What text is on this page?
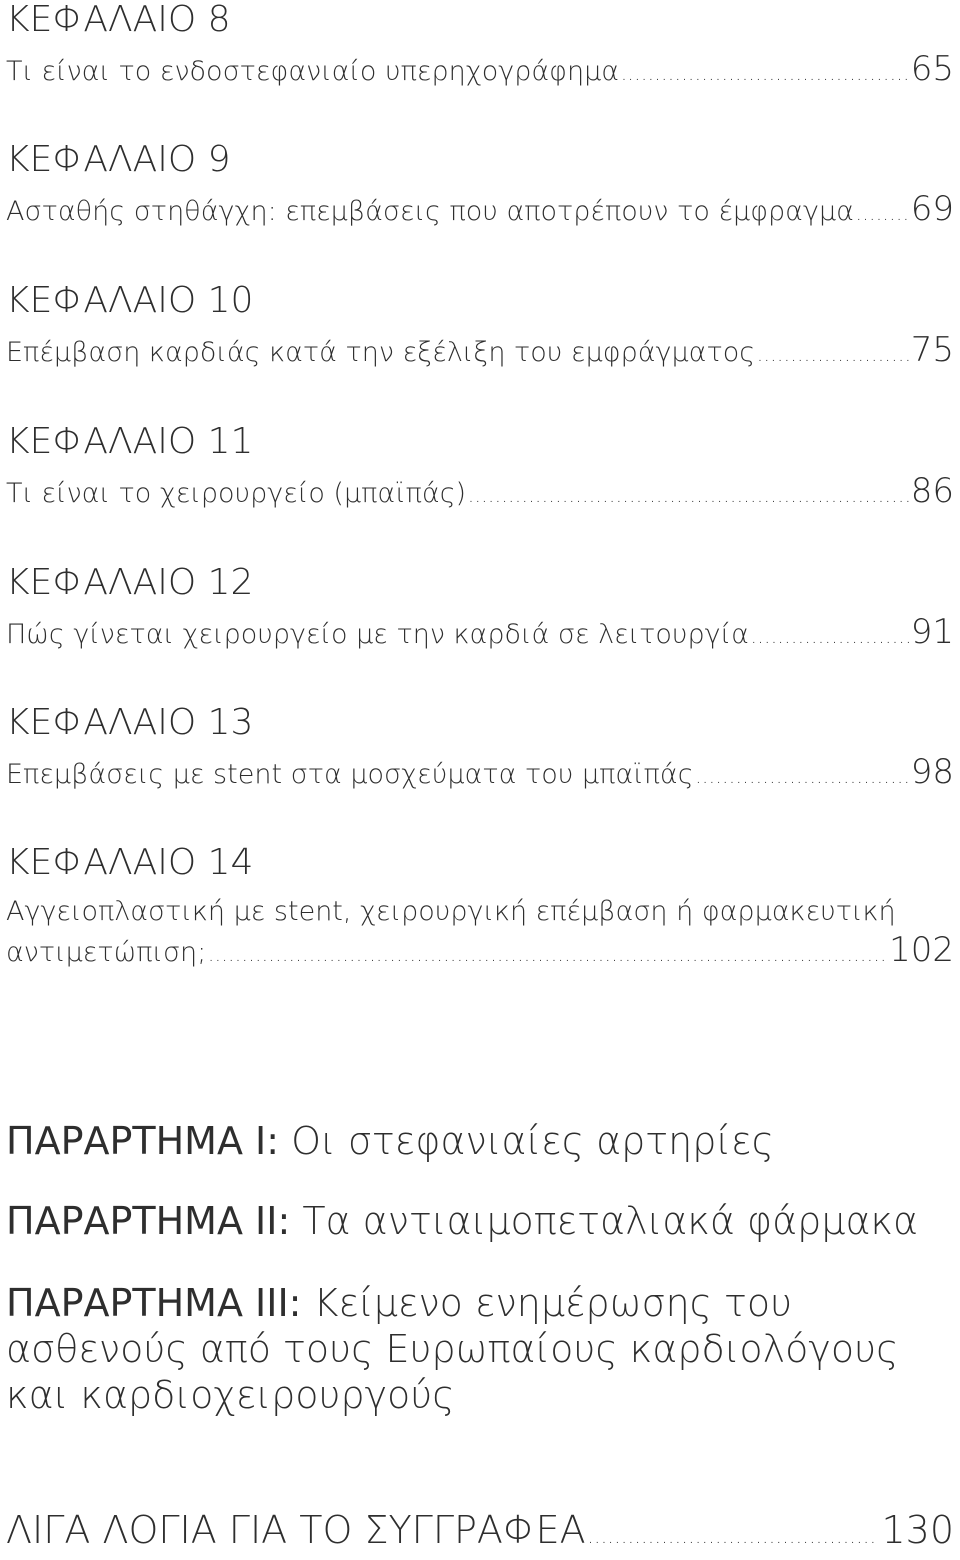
ΚΕΦΑΛΑΙΟ 8
Τι είναι το ενδοστεφανιαίο υπερηχογράφημα .....	65
ΚΕΦΑΛΑΙΟ 9
Ασταθής στηθάγχη: επεμβάσεις που αποτρέπουν το έμφραγμα ..... 69
ΚΕΦΑΛΑΙΟ 10
Επέμβαση καρδιάς κατά την εξέλιξη του εμφράγματος .....	75
ΚΕΦΑΛΑΙΟ 11
Τι είναι το χειρουργείο (μπαϊπάς) .....	86
ΚΕΦΑΛΑΙΟ 12
Πώς γίνεται χειρουργείο με την καρδιά σε λειτουργία .....	91
ΚΕΦΑΛΑΙΟ 13
Επεμβάσεις με stent στα μοσχεύματα του μπαϊπάς .....	98
ΚΕΦΑΛΑΙΟ 14
Αγγειοπλαστική με stent, χειρουργική επέμβαση ή φαρμακευτική
αντιμετώπιση; .....	102
ΠΑΡΑΡΤΗΜΑ Ι: Οι στεφανιαίες αρτηρίες
ΠΑΡΑΡΤΗΜΑ ΙΙ: Τα αντιαιμοπεταλιακά φάρμακα
ΠΑΡΑΡΤΗΜΑ ΙΙΙ: Κείμενο ενημέρωσης του ασθενούς από τους Ευρωπαίους καρδιολόγους και καρδιοχειρουργούς
ΛΙΓΑ ΛΟΓΙΑ ΓΙΑ ΤΟ ΣΥΓΓΡΑΦΕΑ .....	130
